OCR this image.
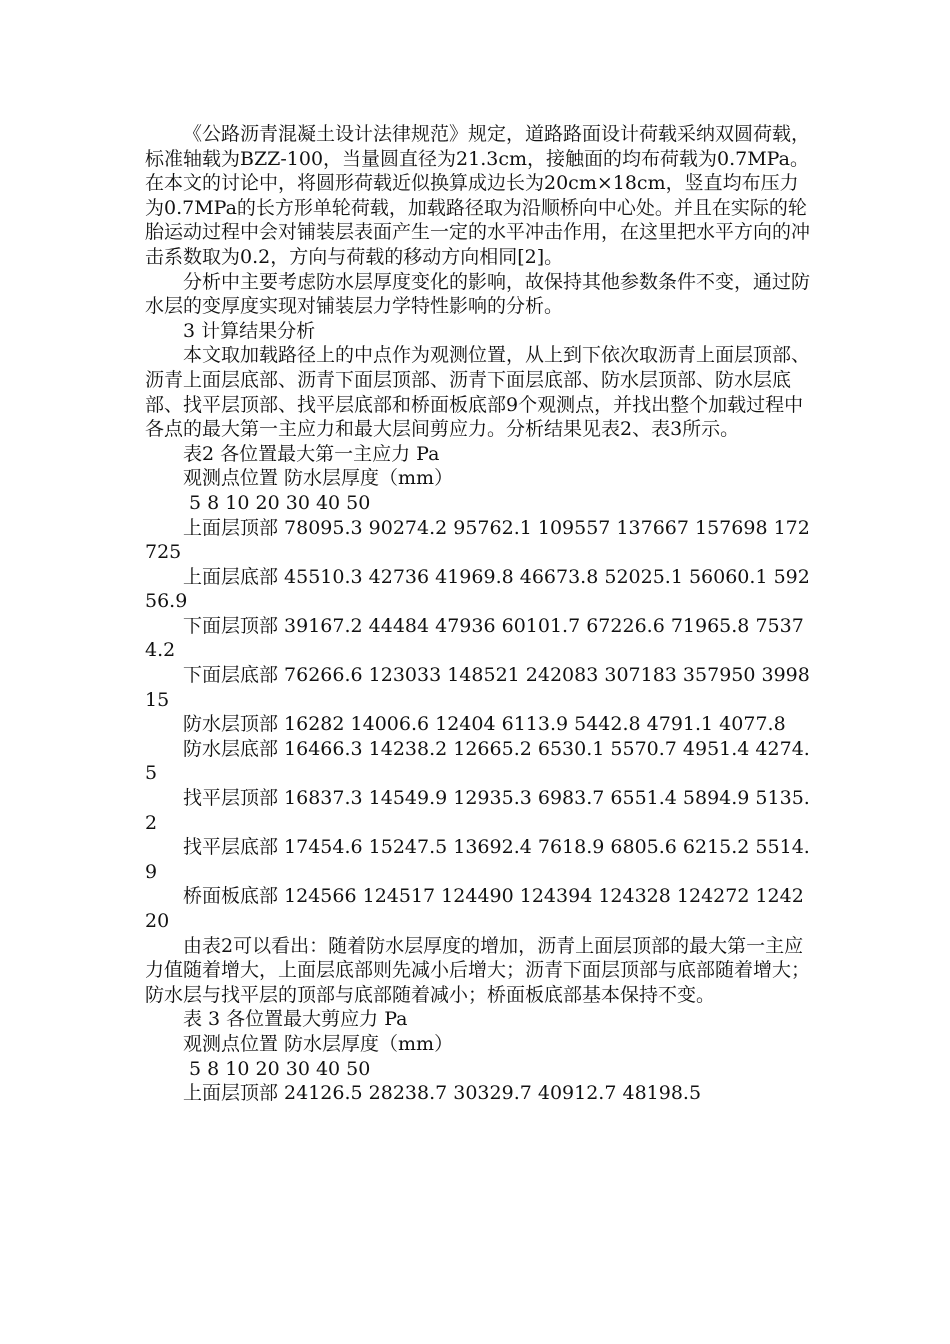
《公路沥青混凝土设计法律规范》规定，道路路面设计荷载采纳双圆荷载，标准轴载为BZZ-100，当量圆直径为21.3cm，接触面的均布荷载为0.7MPa。在本文的讨论中，将圆形荷载近似换算成边长为20cm×18cm，竖直均布压力为0.7MPa的长方形单轮荷载，加载路径取为沿顺桥向中心处。并且在实际的轮胎运动过程中会对铺装层表面产生一定的水平冲击作用，在这里把水平方向的冲击系数取为0.2，方向与荷载的移动方向相同[2]。

分析中主要考虑防水层厚度变化的影响，故保持其他参数条件不变，通过防水层的变厚度实现对铺装层力学特性影响的分析。

3 计算结果分析

本文取加载路径上的中点作为观测位置，从上到下依次取沥青上面层顶部、沥青上面层底部、沥青下面层顶部、沥青下面层底部、防水层顶部、防水层底部、找平层顶部、找平层底部和桥面板底部9个观测点，并找出整个加载过程中各点的最大第一主应力和最大层间剪应力。分析结果见表2、表3所示。

表2 各位置最大第一主应力 Pa

观测点位置 防水层厚度（mm）

5 8 10 20 30 40 50

上面层顶部 78095.3 90274.2 95762.1 109557 137667 157698 172725

上面层底部 45510.3 42736 41969.8 46673.8 52025.1 56060.1 59256.9

下面层顶部 39167.2 44484 47936 60101.7 67226.6 71965.8 75374.2

下面层底部 76266.6 123033 148521 242083 307183 357950 399815

防水层顶部 16282 14006.6 12404 6113.9 5442.8 4791.1 4077.8

防水层底部 16466.3 14238.2 12665.2 6530.1 5570.7 4951.4 4274.5

找平层顶部 16837.3 14549.9 12935.3 6983.7 6551.4 5894.9 5135.2

找平层底部 17454.6 15247.5 13692.4 7618.9 6805.6 6215.2 5514.9

桥面板底部 124566 124517 124490 124394 124328 124272 124220

由表2可以看出：随着防水层厚度的增加，沥青上面层顶部的最大第一主应力值随着增大，上面层底部则先减小后增大；沥青下面层顶部与底部随着增大；防水层与找平层的顶部与底部随着减小；桥面板底部基本保持不变。

表 3 各位置最大剪应力 Pa

观测点位置 防水层厚度（mm）

5 8 10 20 30 40 50

上面层顶部 24126.5 28238.7 30329.7 40912.7 48198.5
